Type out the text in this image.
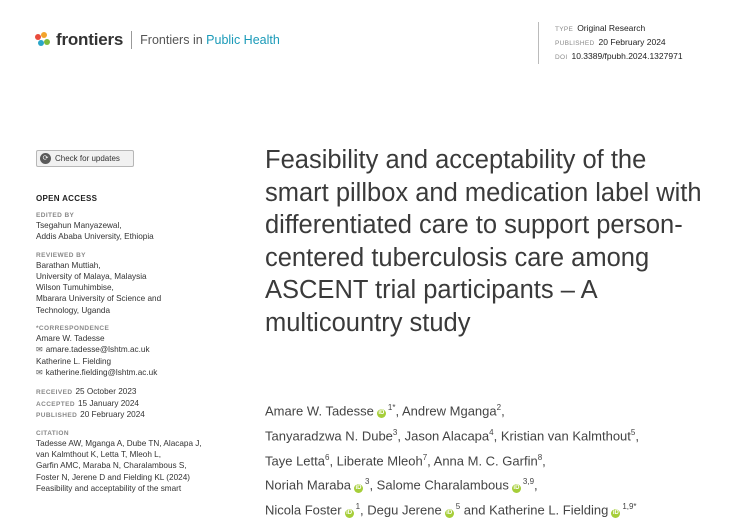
frontiers Frontiers in Public Health
TYPE Original Research
PUBLISHED 20 February 2024
DOI 10.3389/fpubh.2024.1327971
⟳ Check for updates
OPEN ACCESS
EDITED BY
Tsegahun Manyazewal,
Addis Ababa University, Ethiopia
REVIEWED BY
Barathan Muttiah,
University of Malaya, Malaysia
Wilson Tumuhimbise,
Mbarara University of Science and
Technology, Uganda
*CORRESPONDENCE
Amare W. Tadesse
✉ amare.tadesse@lshtm.ac.uk
Katherine L. Fielding
✉ katherine.fielding@lshtm.ac.uk
RECEIVED 25 October 2023
ACCEPTED 15 January 2024
PUBLISHED 20 February 2024
CITATION
Tadesse AW, Mganga A, Dube TN, Alacapa J,
van Kalmthout K, Letta T, Mleoh L,
Garfin AMC, Maraba N, Charalambous S,
Foster N, Jerene D and Fielding KL (2024)
Feasibility and acceptability of the smart
Feasibility and acceptability of the smart pillbox and medication label with differentiated care to support person-centered tuberculosis care among ASCENT trial participants – A multicountry study
Amare W. Tadesse $iD^{1*}$, Andrew Mganga$^2$,
Tanyaradzwa N. Dube$^3$, Jason Alacapa$^4$, Kristian van Kalmthout$^5$,
Taye Letta$^6$, Liberate Mleoh$^7$, Anna M. C. Garfin$^8$,
Noriah Maraba $iD^3$, Salome Charalambous iD$^{3,9}$,
Nicola Foster $iD^1$, Degu Jerene $iD^5$ and Katherine L. Fielding $iD^{1,9*}$
